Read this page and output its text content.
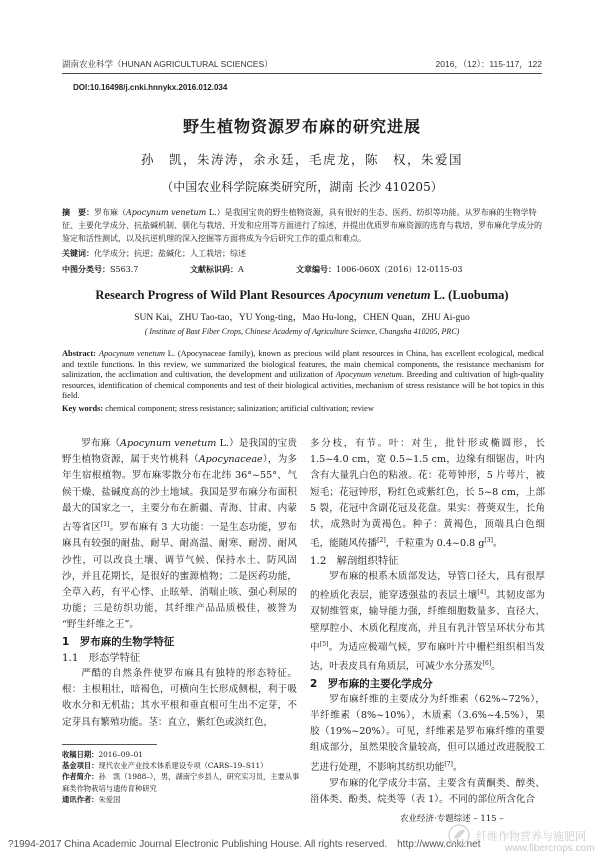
湖南农业科学（HUNAN AGRICULTURAL SCIENCES）	2016，（12）：115-117，122
DOI:10.16498/j.cnki.hnnykx.2016.012.034
野生植物资源罗布麻的研究进展
孙　凯，朱涛涛，余永廷，毛虎龙，陈　权，朱爱国
（中国农业科学院麻类研究所，湖南 长沙 410205）
摘　要：罗布麻（Apocynum venetum L.）是我国宝贵的野生植物资源，具有很好的生态、医药、纺织等功能。从罗布麻的生物学特征、主要化学成分、抗盐碱机制、驯化与栽培、开发和应用等方面进行了综述，并提出优质罗布麻资源的选育与栽培，罗布麻化学成分的鉴定和活性测试，以及抗逆机理的深入挖掘等方面将成为今后研究工作的重点和难点。
关键词：化学成分；抗逆；盐碱化；人工栽培；综述
中图分类号：S563.7	文献标识码：A	文章编号：1006-060X（2016）12-0115-03
Research Progress of Wild Plant Resources Apocynum venetum L. (Luobuma)
SUN Kai，ZHU Tao-tao，YU Yong-ting，Mao Hu-long，CHEN Quan，ZHU Ai-guo
( Institute of Bast Fiber Crops, Chinese Academy of Agriculture Science, Changsha 410205, PRC)
Abstract: Apocynum venetum L. (Apocynaceae family), known as precious wild plant resources in China, has excellent ecological, medical and textile functions. In this review, we summarized the biological features, the main chemical components, the resistance mechanism for salinization, the acclimation and cultivation, the development and utilization of Apocynum venetum. Breeding and cultivation of high-quality resources, identification of chemical components and test of their biological activities, mechanism of stress resistance will be hot topics in this field.
Key words: chemical component; stress resistance; salinization; artificial cultivation; review

罗布麻（Apocynum venetum L.）是我国的宝贵野生植物资源，属于夹竹桃科（Apocynaceae），为多年生宿根植物。罗布麻零散分布在北纬 36°~55°、气候干燥、盐碱度高的沙土地域。我国是罗布麻分布面积最大的国家之一，主要分布在新疆、青海、甘肃、内蒙古等省区[1]。罗布麻有 3 大功能：一是生态功能，罗布麻具有较强的耐盐、耐旱、耐高温、耐寒、耐涝、耐风沙性，可以改良土壤、调节气候、保持水土、防风固沙，并且花期长，是很好的蜜源植物；二是医药功能，全草入药，有平心悸、止眩晕、消喘止咳、强心利尿的功能；三是纺织功能，其纤维产品品质极佳，被誉为 “野生纤维之王”。

1　罗布麻的生物学特征

1.1　形态学特征

严酷的自然条件使罗布麻具有独特的形态特征。根：主根粗壮，暗褐色，可横向生长形成侧根，利于吸收水分和无机盐；其水平根和垂直根可生出不定芽，不定芽具有繁殖功能。茎：直立，紫红色或淡红色，

多分枝，有节。叶：对生，批针形或椭圆形，长 1.5~4.0 cm，宽 0.5~1.5 cm，边缘有细锯齿，叶内含有大量乳白色的粘液。花：花萼钟形，5 片萼片，被短毛；花冠钟形，粉红色或紫红色，长 5~8 cm，上部 5 裂，花冠中含副花冠及花盘。果实：蓇葖双生，长角状，成熟时为黄褐色。种子：黄褐色，顶端具白色细毛，能随风传播[2]，千粒重为 0.4~0.8 g[3]。

1.2　解剖组织特征

罗布麻的根系木质部发达，导管口径大，具有很厚的栓质化表层，能穿透强盐的表层土壤[4]。其韧皮部为双韧维管束，输导能力强，纤维细胞数量多、直径大、壁厚腔小、木质化程度高，并且有乳汁管呈环状分布其中[5]。为适应极端气候，罗布麻叶片中栅栏组织相当发达，叶表皮具有角质层，可减少水分蒸发[6]。

2　罗布麻的主要化学成分

罗布麻纤维的主要成分为纤维素（62%~72%），半纤维素（8%~10%），木质素（3.6%~4.5%），果胶（19%~20%）。可见，纤维素是罗布麻纤维的重要组成部分，虽然果胶含量较高，但可以通过改进脱胶工艺进行处理，不影响其纺织功能[7]。

罗布麻的化学成分丰富，主要含有黄酮类、醇类、甾体类、酚类、烷类等（表 1）。不同的部位所含化合

收稿日期：2016–09–01
基金项目：现代农业产业技术体系建设专项（CARS–19–S11）
作者简介：孙　凯（1988–），男，湖南宁乡县人，研究实习员，主要从事麻类作物栽培与遗传育种研究
通讯作者：朱爱国
农业经济·专题综述 – 115 –
?1994-2017 China Academic Journal Electronic Publishing House. All rights reserved.　http://www.cnki.net
纤维作物营养与施肥网
www.fibercrops.com
